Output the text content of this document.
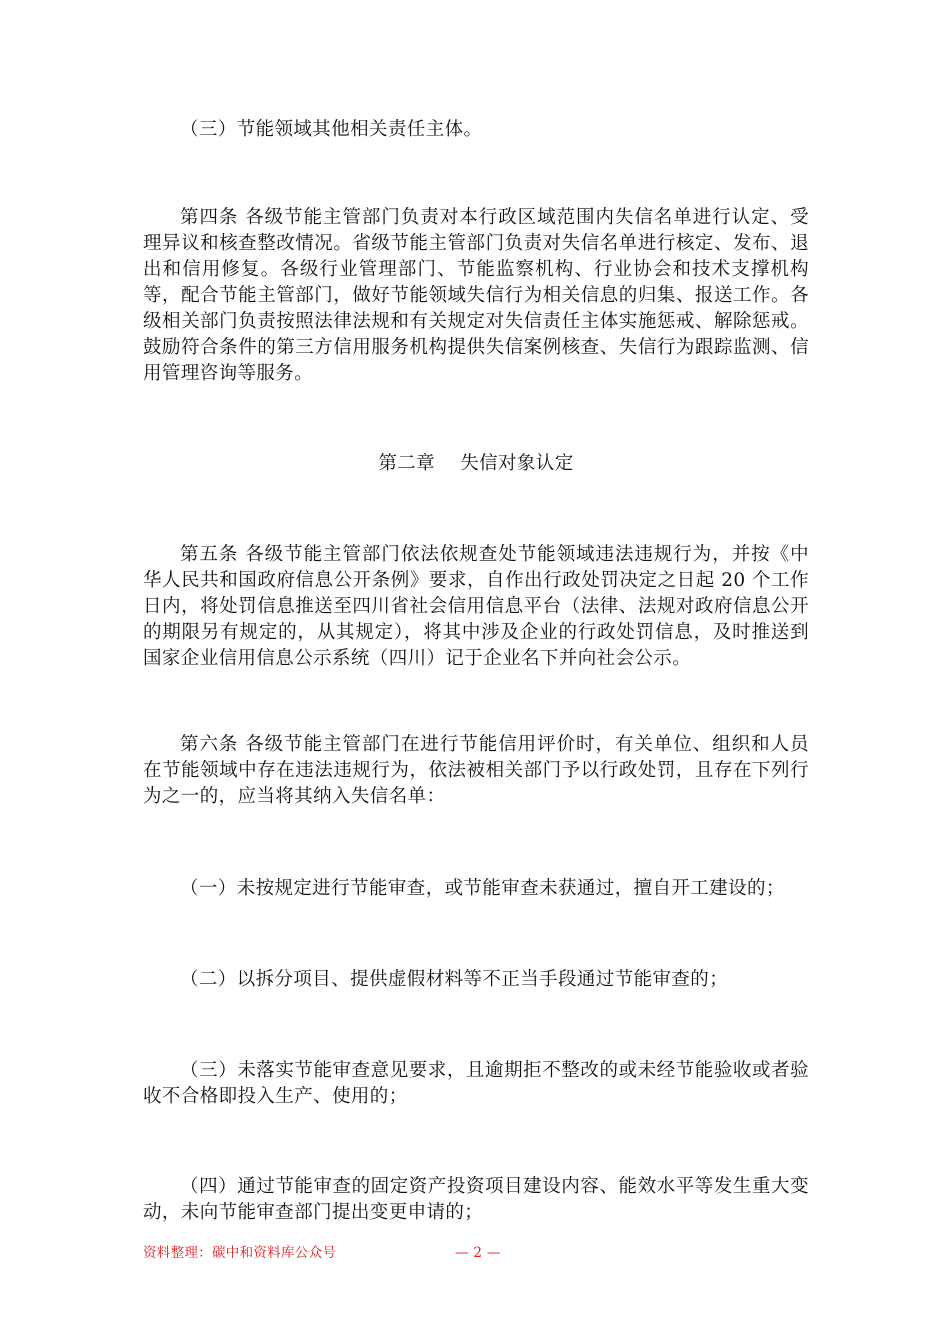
（三）节能领域其他相关责任主体。

第四条 各级节能主管部门负责对本行政区域范围内失信名单进行认定、受理异议和核查整改情况。省级节能主管部门负责对失信名单进行核定、发布、退出和信用修复。各级行业管理部门、节能监察机构、行业协会和技术支撑机构等，配合节能主管部门，做好节能领域失信行为相关信息的归集、报送工作。各级相关部门负责按照法律法规和有关规定对失信责任主体实施惩戒、解除惩戒。鼓励符合条件的第三方信用服务机构提供失信案例核查、失信行为跟踪监测、信用管理咨询等服务。

第二章    失信对象认定

第五条 各级节能主管部门依法依规查处节能领域违法违规行为，并按《中华人民共和国政府信息公开条例》要求，自作出行政处罚决定之日起 20 个工作日内，将处罚信息推送至四川省社会信用信息平台（法律、法规对政府信息公开的期限另有规定的，从其规定），将其中涉及企业的行政处罚信息，及时推送到国家企业信用信息公示系统（四川）记于企业名下并向社会公示。

第六条 各级节能主管部门在进行节能信用评价时，有关单位、组织和人员在节能领域中存在违法违规行为，依法被相关部门予以行政处罚，且存在下列行为之一的，应当将其纳入失信名单：

（一）未按规定进行节能审查，或节能审查未获通过，擅自开工建设的；

（二）以拆分项目、提供虚假材料等不正当手段通过节能审查的；

（三）未落实节能审查意见要求，且逾期拒不整改的或未经节能验收或者验收不合格即投入生产、使用的；

（四）通过节能审查的固定资产投资项目建设内容、能效水平等发生重大变动，未向节能审查部门提出变更申请的；

资料整理：碳中和资料库公众号	— 2 —
